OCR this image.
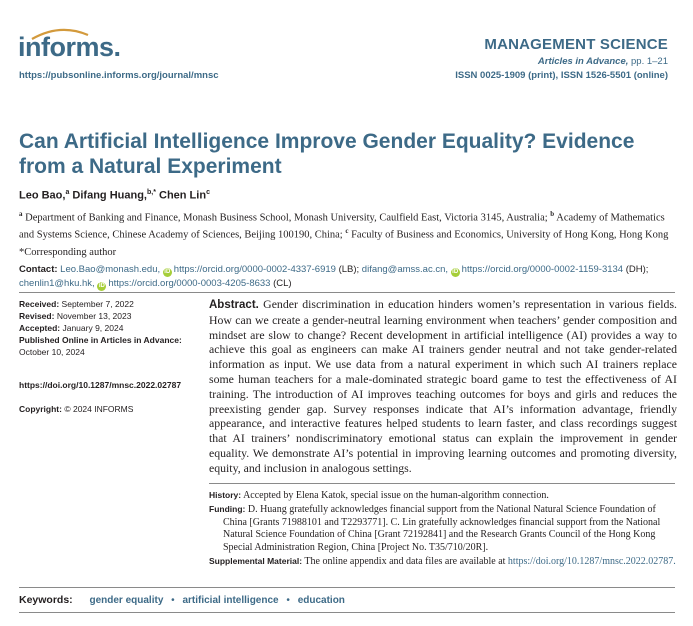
informs.
https://pubsonline.informs.org/journal/mnsc
MANAGEMENT SCIENCE
Articles in Advance, pp. 1–21
ISSN 0025-1909 (print), ISSN 1526-5501 (online)
Can Artificial Intelligence Improve Gender Equality? Evidence from a Natural Experiment
Leo Bao,$^a$ Difang Huang,$^{b,*}$ Chen Lin$^c$
$^a$ Department of Banking and Finance, Monash Business School, Monash University, Caulfield East, Victoria 3145, Australia; $^b$ Academy of Mathematics and Systems Science, Chinese Academy of Sciences, Beijing 100190, China; $^c$ Faculty of Business and Economics, University of Hong Kong, Hong Kong
*Corresponding author
Contact: Leo.Bao@monash.edu, iD https://orcid.org/0000-0002-4337-6919 (LB); difang@amss.ac.cn, iD https://orcid.org/0000-0002-1159-3134 (DH); chenlin1@hku.hk, iD https://orcid.org/0000-0003-4205-8633 (CL)
Received: September 7, 2022
Revised: November 13, 2023
Accepted: January 9, 2024
Published Online in Articles in Advance:
October 10, 2024
https://doi.org/10.1287/mnsc.2022.02787
Copyright: © 2024 INFORMS
Abstract. Gender discrimination in education hinders women’s representation in various fields. How can we create a gender-neutral learning environment when teachers’ gender composition and mindset are slow to change? Recent development in artificial intelligence (AI) provides a way to achieve this goal as engineers can make AI trainers gender neutral and not take gender-related information as input. We use data from a natural experiment in which such AI trainers replace some human teachers for a male-dominated strategic board game to test the effectiveness of AI training. The introduction of AI improves teaching outcomes for boys and girls and reduces the preexisting gender gap. Survey responses indicate that AI’s information advantage, friendly appearance, and interactive features helped students to learn faster, and class recordings suggest that AI trainers’ nondiscriminatory emotional status can explain the improvement in gender equality. We demonstrate AI’s potential in improving learning outcomes and promoting diversity, equity, and inclusion in analogous settings.
History: Accepted by Elena Katok, special issue on the human-algorithm connection.
Funding: D. Huang gratefully acknowledges financial support from the National Natural Science Foundation of China [Grants 71988101 and T2293771]. C. Lin gratefully acknowledges financial support from the National Natural Science Foundation of China [Grant 72192841] and the Research Grants Council of the Hong Kong Special Administration Region, China [Project No. T35/710/20R].
Supplemental Material: The online appendix and data files are available at https://doi.org/10.1287/mnsc.2022.02787.
Keywords: gender equality • artificial intelligence • education
